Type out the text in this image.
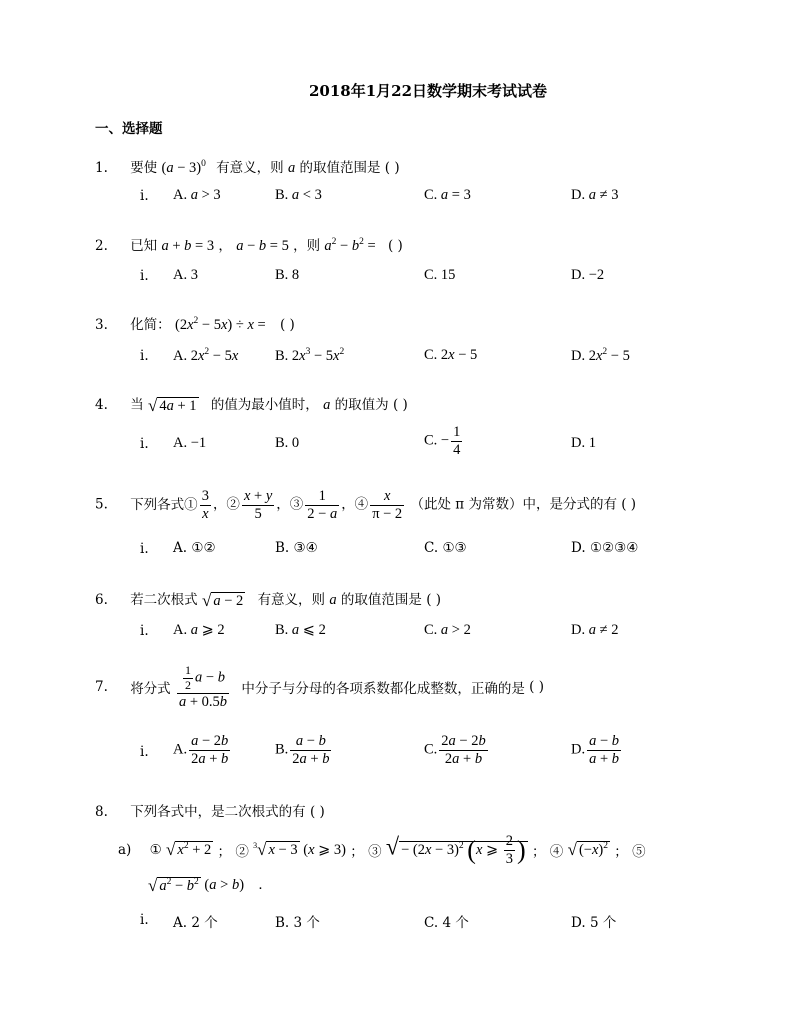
2018年1月22日数学期末考试试卷
一、选择题
1. 要使 $(a - 3)^0$ 有意义，则 a 的取值范围是 ( )
i. A. a > 3	B. a < 3	C. a = 3	D. a ≠ 3
2. 已知 a + b = 3 ， a − b = 5 ，则 $a^2 - b^2$ = ( )
i. A. 3	B. 8	C. 15	D. −2
3. 化简： $(2x^2 - 5x) \div x$ = ( )
i. A. $2x^2 - 5x$	B. $2x^3 - 5x^2$	C. 2x − 5	D. $2x^2 - 5$
4. 当 √ 4a + 1 的值为最小值时， a 的取值为 ( )
i. A. −1	B. 0	C. − $\frac{1}{4}$	D. 1
5. 下列各式① $\frac{3}{x}$ ，② $\frac{x + y}{5}$ ，③ $\frac{1}{2 - a}$ ，④ $\frac{x}{\pi - 2}$ （此处 π 为常数）中，是分式的有 ( )
i. A. ①②	B. ③④	C. ①③	D. ①②③④
6. 若二次根式 √ a − 2 有意义，则 a 的取值范围是 ( )
i. A. a ⩾ 2	B. a ⩽ 2	C. a > 2	D. a ≠ 2
7. 将分式 $\frac{\frac{1}{2} a - b}{a + 0.5b}$ 中分子与分母的各项系数都化成整数，正确的是 ( )
i. A. $\frac{a - 2b}{2a + b}$	B. $\frac{a - b}{2a + b}$	C. $\frac{2a - 2b}{2a + b}$	D. $\frac{a - b}{a + b}$
8. 下列各式中，是二次根式的有 ( )
a) ① √ $x^2 + 2$ ； ② $^3$√ x − 3 (x ⩾ 3) ； ③ √ − $(2x - 3)^2$ (x ⩾ $\frac{2}{3}$ ) ； ④ √ $(-x)^2$ ； ⑤
√ $a^2 - b^2$ (a > b) ．
i. A. 2 个	B. 3 个	C. 4 个	D. 5 个
